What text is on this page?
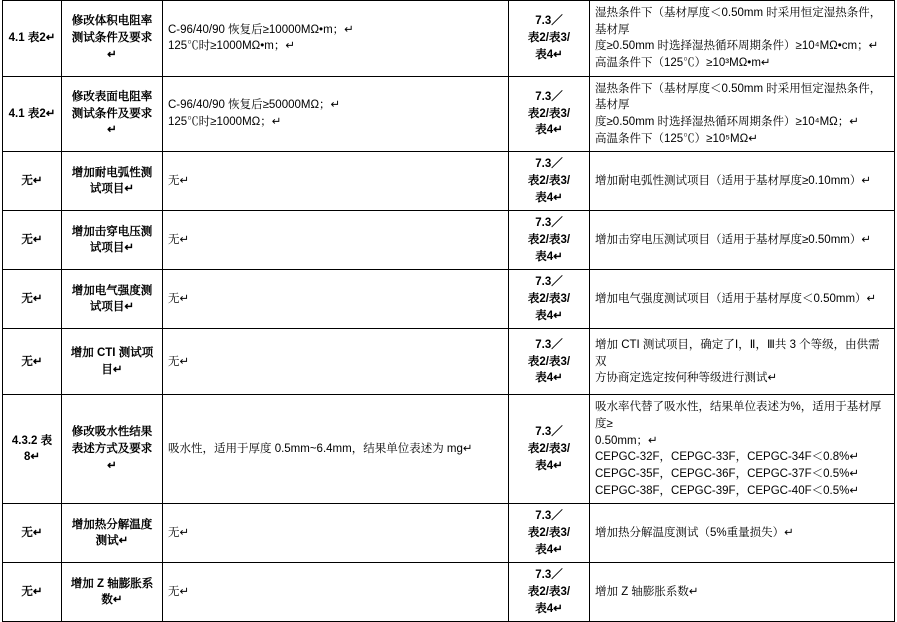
4.1 表2↵	修改体积电阻率测试条件及要求↵	C-96/40/90 恢复后≥10000MΩ•m；↵
125℃时≥1000MΩ•m；↵	7.3／
表2/表3/
表4↵	湿热条件下（基材厚度＜0.50mm 时采用恒定湿热条件，基材厚
度≥0.50mm 时选择湿热循环周期条件）≥10⁴MΩ•cm；↵
高温条件下（125℃）≥10³MΩ•m↵

4.1 表2↵	修改表面电阻率测试条件及要求↵	C-96/40/90 恢复后≥50000MΩ；↵
125℃时≥1000MΩ；↵	7.3／
表2/表3/
表4↵	湿热条件下（基材厚度＜0.50mm 时采用恒定湿热条件，基材厚
度≥0.50mm 时选择湿热循环周期条件）≥10⁴MΩ；↵
高温条件下（125℃）≥10⁵MΩ↵

无↵	增加耐电弧性测试项目↵	无↵	7.3／
表2/表3/
表4↵	增加耐电弧性测试项目（适用于基材厚度≥0.10mm）↵

无↵	增加击穿电压测试项目↵	无↵	7.3／
表2/表3/
表4↵	增加击穿电压测试项目（适用于基材厚度≥0.50mm）↵

无↵	增加电气强度测试项目↵	无↵	7.3／
表2/表3/
表4↵	增加电气强度测试项目（适用于基材厚度＜0.50mm）↵

无↵	增加 CTI 测试项目↵	无↵	7.3／
表2/表3/
表4↵	增加 CTI 测试项目，确定了Ⅰ，Ⅱ，Ⅲ共 3 个等级，由供需双
方协商定选定按何种等级进行测试↵

4.3.2 表8↵	修改吸水性结果表述方式及要求↵	吸水性，适用于厚度 0.5mm~6.4mm，结果单位表述为 mg↵	7.3／
表2/表3/
表4↵	吸水率代替了吸水性，结果单位表述为%，适用于基材厚度≥
0.50mm；↵
CEPGC-32F，CEPGC-33F，CEPGC-34F＜0.8%↵
CEPGC-35F，CEPGC-36F，CEPGC-37F＜0.5%↵
CEPGC-38F，CEPGC-39F，CEPGC-40F＜0.5%↵

无↵	增加热分解温度测试↵	无↵	7.3／
表2/表3/
表4↵	增加热分解温度测试（5%重量损失）↵

无↵	增加 Z 轴膨胀系数↵	无↵	7.3／
表2/表3/
表4↵	增加 Z 轴膨胀系数↵
